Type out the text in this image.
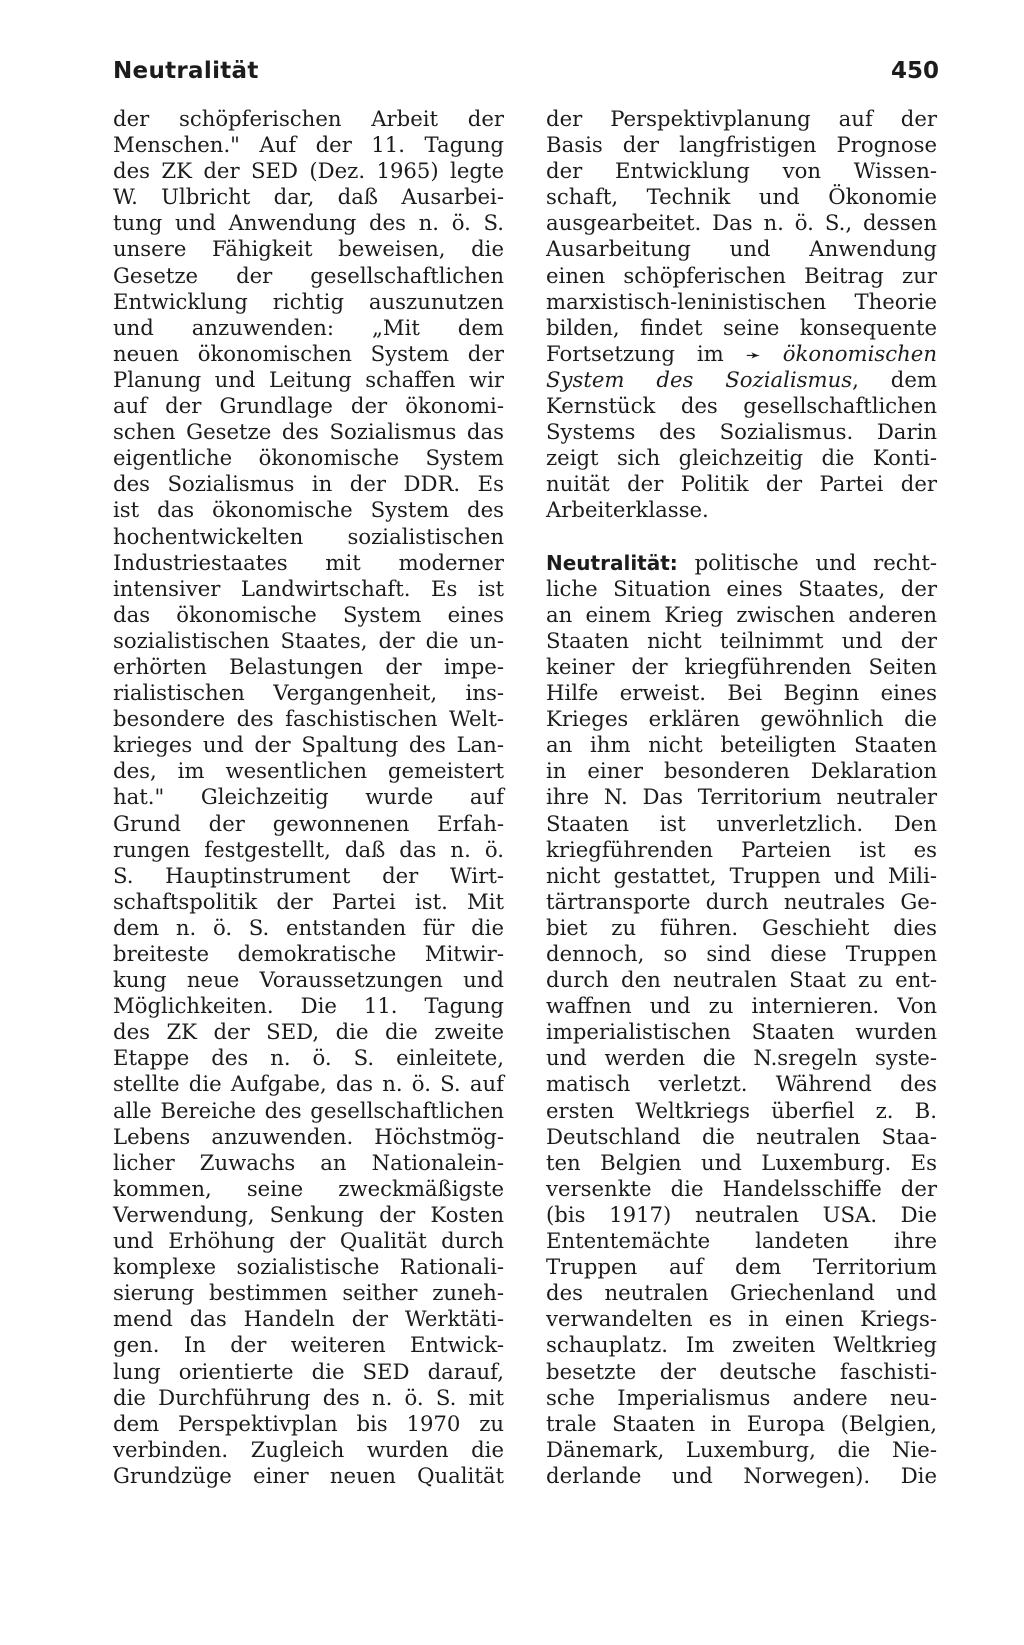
Neutralität	450
der schöpferischen Arbeit der
Menschen." Auf der 11. Tagung
des ZK der SED (Dez. 1965) legte
W. Ulbricht dar, daß Ausarbei-
tung und Anwendung des n. ö. S.
unsere Fähigkeit beweisen, die
Gesetze der gesellschaftlichen
Entwicklung richtig auszunutzen
und anzuwenden: „Mit dem
neuen ökonomischen System der
Planung und Leitung schaffen wir
auf der Grundlage der ökonomi-
schen Gesetze des Sozialismus das
eigentliche ökonomische System
des Sozialismus in der DDR. Es
ist das ökonomische System des
hochentwickelten sozialistischen
Industriestaates mit moderner
intensiver Landwirtschaft. Es ist
das ökonomische System eines
sozialistischen Staates, der die un-
erhörten Belastungen der impe-
rialistischen Vergangenheit, ins-
besondere des faschistischen Welt-
krieges und der Spaltung des Lan-
des, im wesentlichen gemeistert
hat." Gleichzeitig wurde auf
Grund der gewonnenen Erfah-
rungen festgestellt, daß das n. ö.
S. Hauptinstrument der Wirt-
schaftspolitik der Partei ist. Mit
dem n. ö. S. entstanden für die
breiteste demokratische Mitwir-
kung neue Voraussetzungen und
Möglichkeiten. Die 11. Tagung
des ZK der SED, die die zweite
Etappe des n. ö. S. einleitete,
stellte die Aufgabe, das n. ö. S. auf
alle Bereiche des gesellschaftlichen
Lebens anzuwenden. Höchstmög-
licher Zuwachs an Nationalein-
kommen, seine zweckmäßigste
Verwendung, Senkung der Kosten
und Erhöhung der Qualität durch
komplexe sozialistische Rationali-
sierung bestimmen seither zuneh-
mend das Handeln der Werktäti-
gen. In der weiteren Entwick-
lung orientierte die SED darauf,
die Durchführung des n. ö. S. mit
dem Perspektivplan bis 1970 zu
verbinden. Zugleich wurden die
Grundzüge einer neuen Qualität
der Perspektivplanung auf der
Basis der langfristigen Prognose
der Entwicklung von Wissen-
schaft, Technik und Ökonomie
ausgearbeitet. Das n. ö. S., dessen
Ausarbeitung und Anwendung
einen schöpferischen Beitrag zur
marxistisch-leninistischen Theorie
bilden, findet seine konsequente
Fortsetzung im ➛ ökonomischen
System des Sozialismus, dem
Kernstück des gesellschaftlichen
Systems des Sozialismus. Darin
zeigt sich gleichzeitig die Konti-
nuität der Politik der Partei der
Arbeiterklasse.
Neutralität: politische und recht-
liche Situation eines Staates, der
an einem Krieg zwischen anderen
Staaten nicht teilnimmt und der
keiner der kriegführenden Seiten
Hilfe erweist. Bei Beginn eines
Krieges erklären gewöhnlich die
an ihm nicht beteiligten Staaten
in einer besonderen Deklaration
ihre N. Das Territorium neutraler
Staaten ist unverletzlich. Den
kriegführenden Parteien ist es
nicht gestattet, Truppen und Mili-
tärtransporte durch neutrales Ge-
biet zu führen. Geschieht dies
dennoch, so sind diese Truppen
durch den neutralen Staat zu ent-
waffnen und zu internieren. Von
imperialistischen Staaten wurden
und werden die N.sregeln syste-
matisch verletzt. Während des
ersten Weltkriegs überfiel z. B.
Deutschland die neutralen Staa-
ten Belgien und Luxemburg. Es
versenkte die Handelsschiffe der
(bis 1917) neutralen USA. Die
Ententemächte landeten ihre
Truppen auf dem Territorium
des neutralen Griechenland und
verwandelten es in einen Kriegs-
schauplatz. Im zweiten Weltkrieg
besetzte der deutsche faschisti-
sche Imperialismus andere neu-
trale Staaten in Europa (Belgien,
Dänemark, Luxemburg, die Nie-
derlande und Norwegen). Die
